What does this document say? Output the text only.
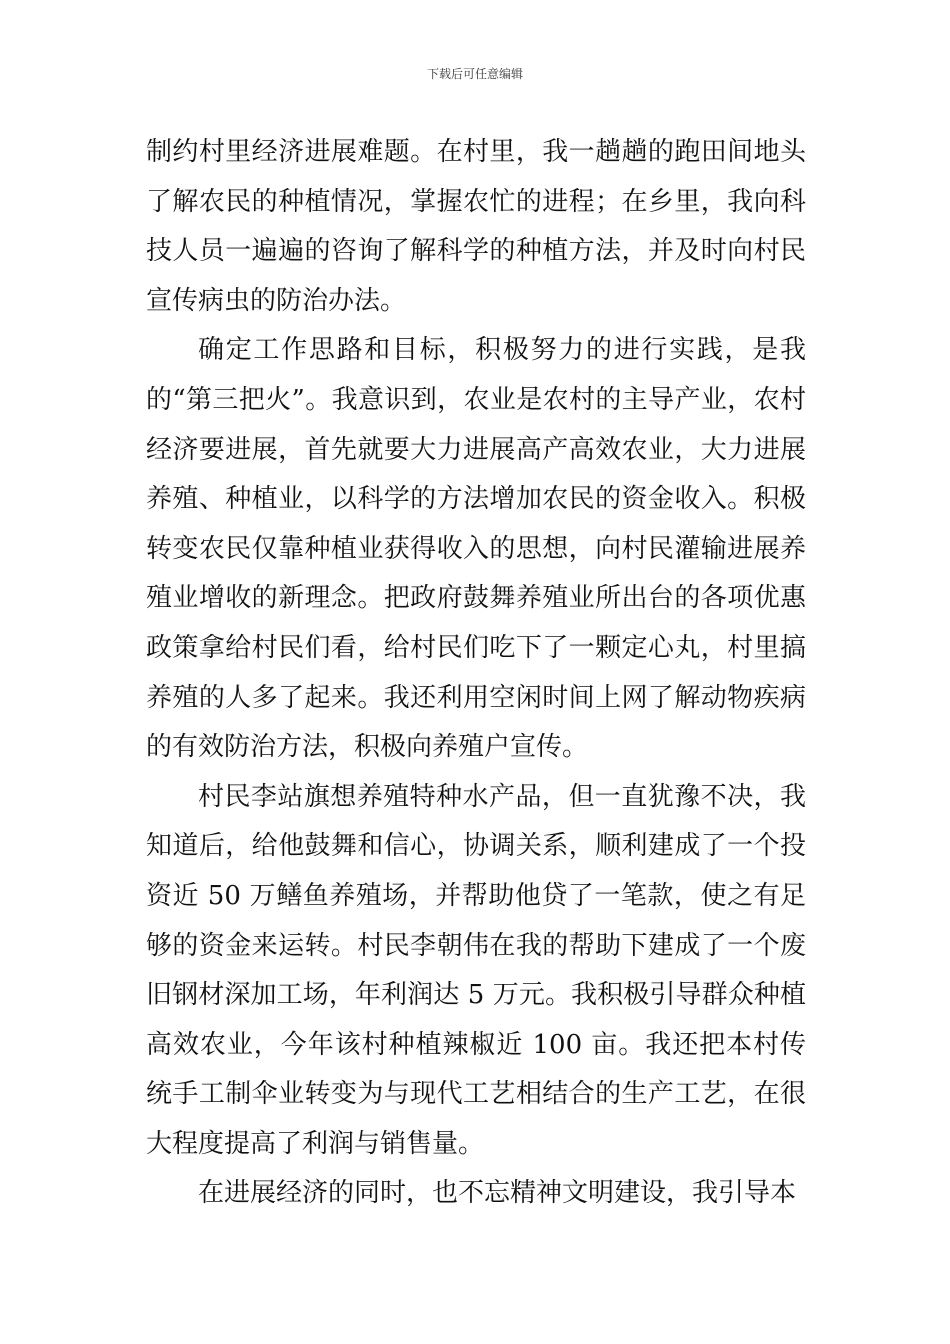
下载后可任意编辑

制约村里经济进展难题。在村里，我一趟趟的跑田间地头了解农民的种植情况，掌握农忙的进程；在乡里，我向科技人员一遍遍的咨询了解科学的种植方法，并及时向村民宣传病虫的防治办法。

确定工作思路和目标，积极努力的进行实践，是我的“第三把火”。我意识到，农业是农村的主导产业，农村经济要进展，首先就要大力进展高产高效农业，大力进展养殖、种植业，以科学的方法增加农民的资金收入。积极转变农民仅靠种植业获得收入的思想，向村民灌输进展养殖业增收的新理念。把政府鼓舞养殖业所出台的各项优惠政策拿给村民们看，给村民们吃下了一颗定心丸，村里搞养殖的人多了起来。我还利用空闲时间上网了解动物疾病的有效防治方法，积极向养殖户宣传。

村民李站旗想养殖特种水产品，但一直犹豫不决，我知道后，给他鼓舞和信心，协调关系，顺利建成了一个投资近 50 万鳝鱼养殖场，并帮助他贷了一笔款，使之有足够的资金来运转。村民李朝伟在我的帮助下建成了一个废旧钢材深加工场，年利润达 5 万元。我积极引导群众种植高效农业，今年该村种植辣椒近 100 亩。我还把本村传统手工制伞业转变为与现代工艺相结合的生产工艺，在很大程度提高了利润与销售量。

在进展经济的同时，也不忘精神文明建设，我引导本
